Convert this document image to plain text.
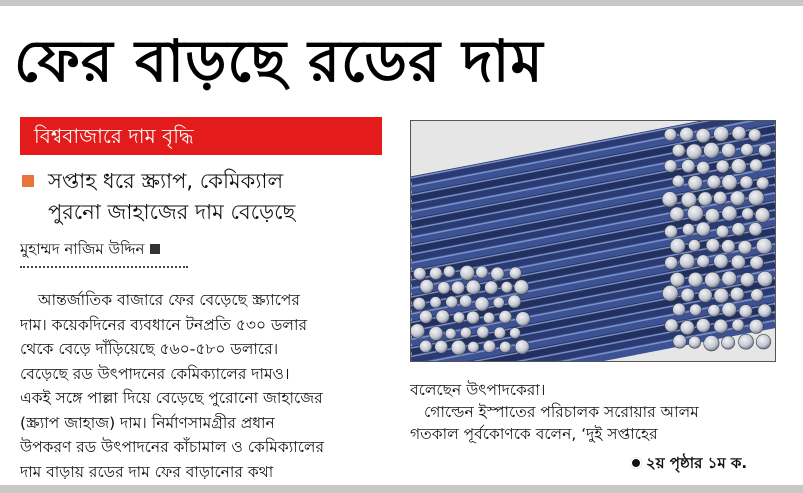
ফের বাড়ছে রডের দাম
বিশ্ববাজারে দাম বৃদ্ধি
সপ্তাহ ধরে স্ক্র্যাপ, কেমিক্যাল
পুরনো জাহাজের দাম বেড়েছে
মুহাম্মদ নাজিম উদ্দিন
আন্তর্জাতিক বাজারে ফের বেড়েছে স্ক্র্যাপের
দাম। কয়েকদিনের ব্যবধানে টনপ্রতি ৫৩০ ডলার
থেকে বেড়ে দাঁড়িয়েছে ৫৬০-৫৮০ ডলারে।
বেড়েছে রড উৎপাদনের কেমিক্যালের দামও।
একই সঙ্গে পাল্লা দিয়ে বেড়েছে পুরোনো জাহাজের
(স্ক্র্যাপ জাহাজ) দাম। নির্মাণসামগ্রীর প্রধান
উপকরণ রড উৎপাদনের কাঁচামাল ও কেমিক্যালের
দাম বাড়ায় রডের দাম ফের বাড়ানোর কথা
বলেছেন উৎপাদকেরা।
গোল্ডেন ইস্পাতের পরিচালক সরোয়ার আলম
গতকাল পূর্বকোণকে বলেন, ‘দুই সপ্তাহের
২য় পৃষ্ঠার ১ম ক.
